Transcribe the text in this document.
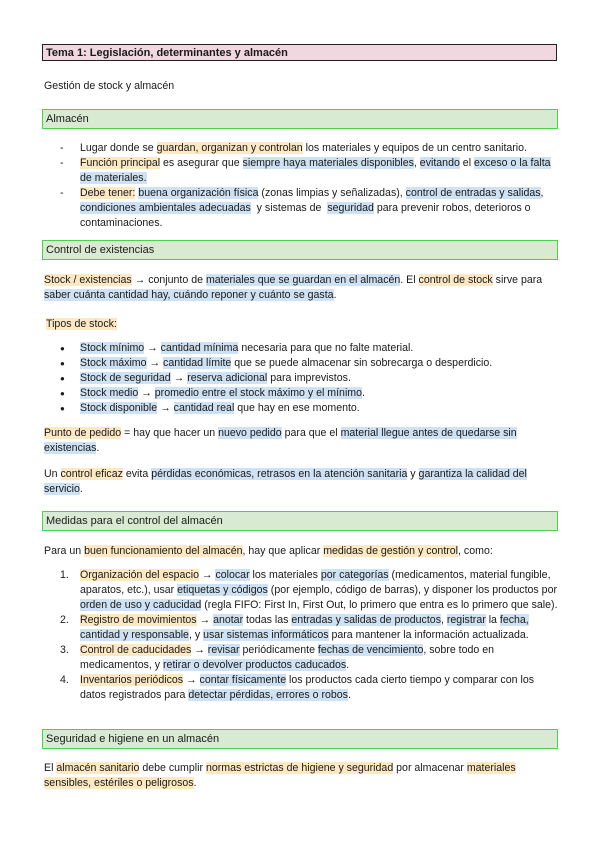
Tema 1: Legislación, determinantes y almacén
Gestión de stock y almacén
Almacén
-	Lugar donde se guardan, organizan y controlan los materiales y equipos de un centro sanitario.
-	Función principal es asegurar que siempre haya materiales disponibles, evitando el exceso o la falta de materiales.
-	Debe tener: buena organización física (zonas limpias y señalizadas), control de entradas y salidas, condiciones ambientales adecuadas  y sistemas de  seguridad para prevenir robos, deterioros o contaminaciones.
Control de existencias
Stock / existencias → conjunto de materiales que se guardan en el almacén. El control de stock sirve para saber cuánta cantidad hay, cuándo reponer y cuánto se gasta.
Tipos de stock:
●	Stock mínimo → cantidad mínima necesaria para que no falte material.
●	Stock máximo → cantidad límite que se puede almacenar sin sobrecarga o desperdicio.
●	Stock de seguridad → reserva adicional para imprevistos.
●	Stock medio → promedio entre el stock máximo y el mínimo.
●	Stock disponible → cantidad real que hay en ese momento.
Punto de pedido = hay que hacer un nuevo pedido para que el material llegue antes de quedarse sin existencias.
Un control eficaz evita pérdidas económicas, retrasos en la atención sanitaria y garantiza la calidad del servicio.
Medidas para el control del almacén
Para un buen funcionamiento del almacén, hay que aplicar medidas de gestión y control, como:
1.	Organización del espacio → colocar los materiales por categorías (medicamentos, material fungible, aparatos, etc.), usar etiquetas y códigos (por ejemplo, código de barras), y disponer los productos por orden de uso y caducidad (regla FIFO: First In, First Out, lo primero que entra es lo primero que sale).
2.	Registro de movimientos → anotar todas las entradas y salidas de productos, registrar la fecha, cantidad y responsable, y usar sistemas informáticos para mantener la información actualizada.
3.	Control de caducidades → revisar periódicamente fechas de vencimiento, sobre todo en medicamentos, y retirar o devolver productos caducados.
4.	Inventarios periódicos → contar físicamente los productos cada cierto tiempo y comparar con los datos registrados para detectar pérdidas, errores o robos.
Seguridad e higiene en un almacén
El almacén sanitario debe cumplir normas estrictas de higiene y seguridad por almacenar materiales sensibles, estériles o peligrosos.
